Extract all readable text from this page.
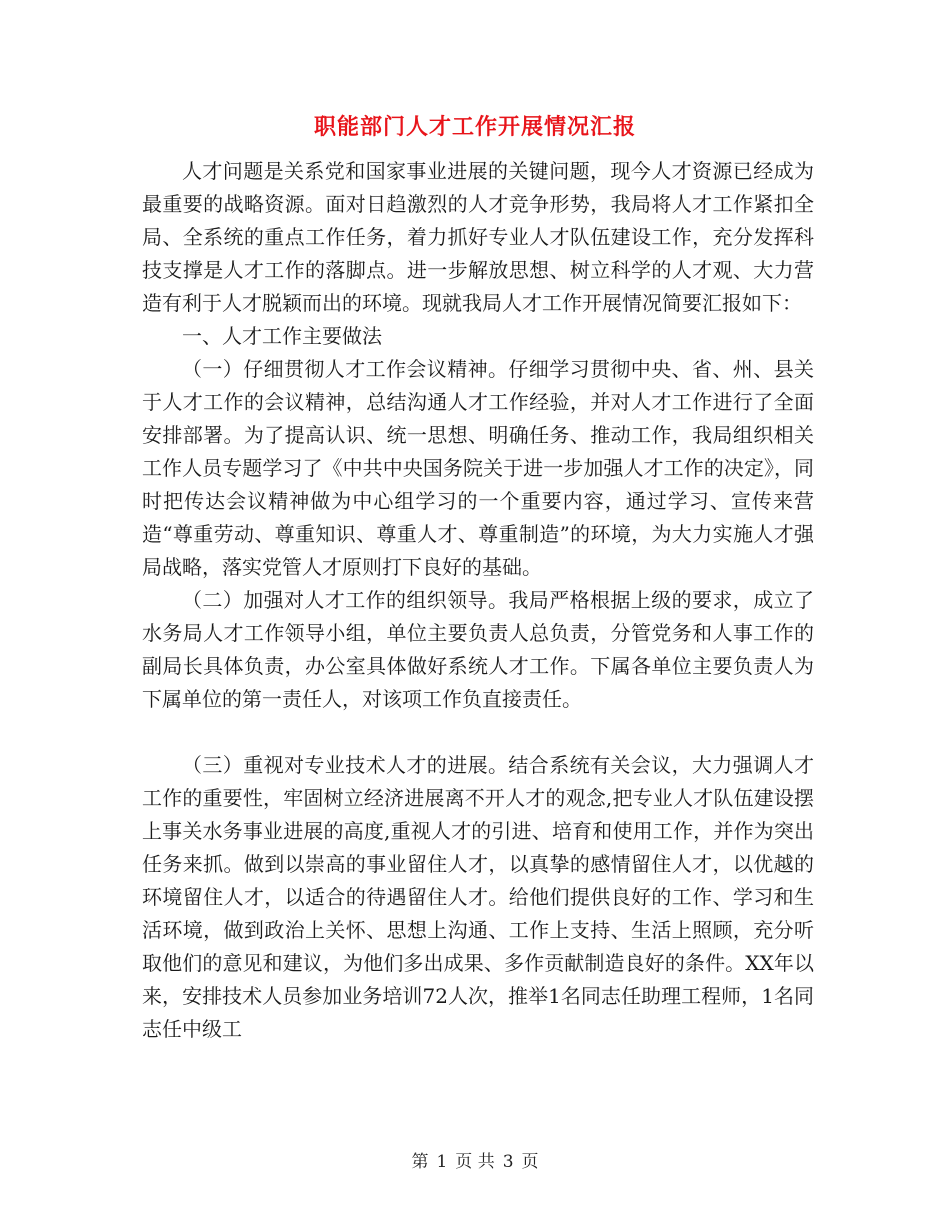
职能部门人才工作开展情况汇报

人才问题是关系党和国家事业进展的关键问题，现今人才资源已经成为最重要的战略资源。面对日趋激烈的人才竞争形势，我局将人才工作紧扣全局、全系统的重点工作任务，着力抓好专业人才队伍建设工作，充分发挥科技支撑是人才工作的落脚点。进一步解放思想、树立科学的人才观、大力营造有利于人才脱颖而出的环境。现就我局人才工作开展情况简要汇报如下：

一、人才工作主要做法

（一）仔细贯彻人才工作会议精神。仔细学习贯彻中央、省、州、县关于人才工作的会议精神，总结沟通人才工作经验，并对人才工作进行了全面安排部署。为了提高认识、统一思想、明确任务、推动工作，我局组织相关工作人员专题学习了《中共中央国务院关于进一步加强人才工作的决定》，同时把传达会议精神做为中心组学习的一个重要内容，通过学习、宣传来营造“尊重劳动、尊重知识、尊重人才、尊重制造”的环境，为大力实施人才强局战略，落实党管人才原则打下良好的基础。

（二）加强对人才工作的组织领导。我局严格根据上级的要求，成立了水务局人才工作领导小组，单位主要负责人总负责，分管党务和人事工作的副局长具体负责，办公室具体做好系统人才工作。下属各单位主要负责人为下属单位的第一责任人，对该项工作负直接责任。

（三）重视对专业技术人才的进展。结合系统有关会议，大力强调人才工作的重要性，牢固树立经济进展离不开人才的观念,把专业人才队伍建设摆上事关水务事业进展的高度,重视人才的引进、培育和使用工作，并作为突出任务来抓。做到以崇高的事业留住人才，以真挚的感情留住人才，以优越的环境留住人才，以适合的待遇留住人才。给他们提供良好的工作、学习和生活环境，做到政治上关怀、思想上沟通、工作上支持、生活上照顾，充分听取他们的意见和建议，为他们多出成果、多作贡献制造良好的条件。XX年以来，安排技术人员参加业务培训72人次，推举1名同志任助理工程师，1名同志任中级工

第 1 页 共 3 页
